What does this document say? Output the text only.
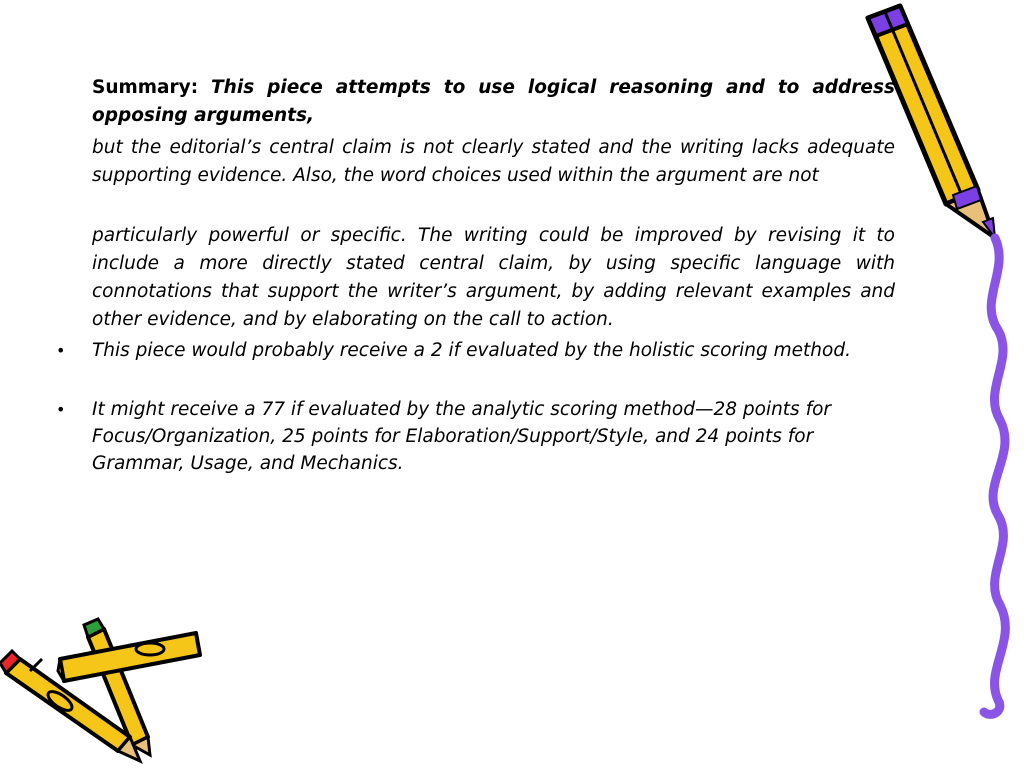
Summary: This piece attempts to use logical reasoning and to address opposing arguments,
but the editorial’s central claim is not clearly stated and the writing lacks adequate supporting evidence. Also, the word choices used within the argument are not
particularly powerful or specific. The writing could be improved by revising it to include a more directly stated central claim, by using specific language with connotations that support the writer’s argument, by adding relevant examples and other evidence, and by elaborating on the call to action.
• This piece would probably receive a 2 if evaluated by the holistic scoring method.
• It might receive a 77 if evaluated by the analytic scoring method—28 points for Focus/Organization, 25 points for Elaboration/Support/Style, and 24 points for Grammar, Usage, and Mechanics.
